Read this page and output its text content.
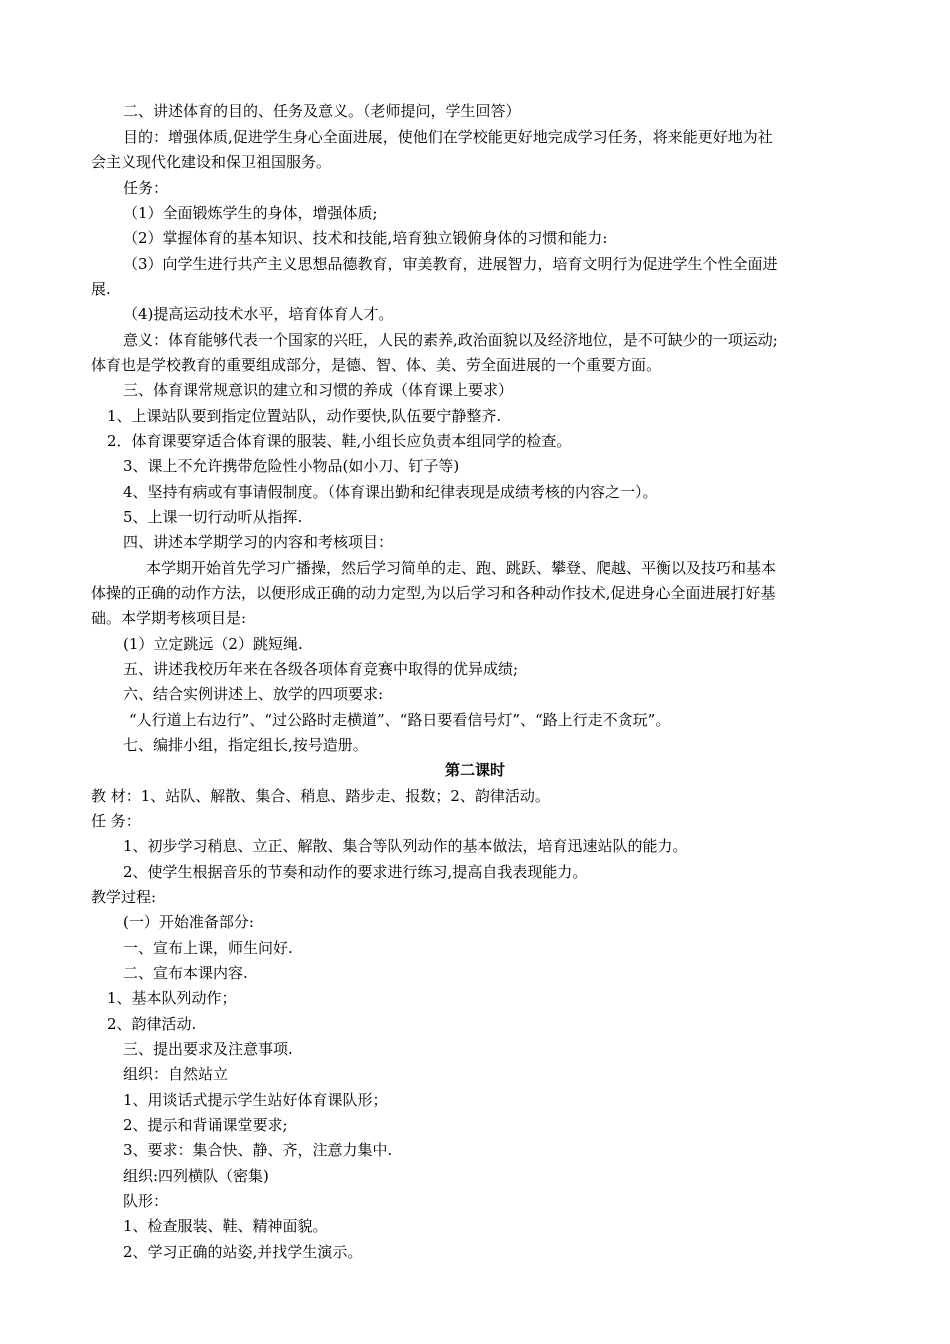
二、讲述体育的目的、任务及意义。（老师提问，学生回答）
目的：增强体质,促进学生身心全面进展，使他们在学校能更好地完成学习任务，将来能更好地为社
会主义现代化建设和保卫祖国服务。
任务：
（1）全面锻炼学生的身体，增强体质;
（2）掌握体育的基本知识、技术和技能,培育独立锻俯身体的习惯和能力:
（3）向学生进行共产主义思想品德教育，审美教育，进展智力，培育文明行为促进学生个性全面进
展.
（4)提高运动技术水平，培育体育人才。
意义：体育能够代表一个国家的兴旺，人民的素养,政治面貌以及经济地位，是不可缺少的一项运动;
体育也是学校教育的重要组成部分，是德、智、体、美、劳全面进展的一个重要方面。
三、体育课常规意识的建立和习惯的养成（体育课上要求）
1、上课站队要到指定位置站队，动作要快,队伍要宁静整齐.
2．体育课要穿适合体育课的服装、鞋,小组长应负责本组同学的检查。
3、课上不允许携带危险性小物品(如小刀、钉子等)
4、坚持有病或有事请假制度。（体育课出勤和纪律表现是成绩考核的内容之一）。
5、上课一切行动听从指挥.
四、讲述本学期学习的内容和考核项目：
本学期开始首先学习广播操，然后学习简单的走、跑、跳跃、攀登、爬越、平衡以及技巧和基本
体操的正确的动作方法，以便形成正确的动力定型,为以后学习和各种动作技术,促进身心全面进展打好基
础。本学期考核项目是:
(1）立定跳远（2）跳短绳.
五、讲述我校历年来在各级各项体育竞赛中取得的优异成绩;
六、结合实例讲述上、放学的四项要求:
“人行道上右边行”、“过公路时走横道”、“路日要看信号灯”、“路上行走不贪玩”。
七、编排小组，指定组长,按号造册。
第二课时
教 材：1、站队、解散、集合、稍息、踏步走、报数；2、韵律活动。
任 务：
1、初步学习稍息、立正、解散、集合等队列动作的基本做法，培育迅速站队的能力。
2、使学生根据音乐的节奏和动作的要求进行练习,提高自我表现能力。
教学过程:
(一）开始准备部分:
一、宣布上课，师生问好.
二、宣布本课内容.
1、基本队列动作；
2、韵律活动.
三、提出要求及注意事项.
组织：自然站立
1、用谈话式提示学生站好体育课队形；
2、提示和背诵课堂要求;
3、要求：集合快、静、齐，注意力集中.
组织:四列横队（密集)
队形：
1、检查服装、鞋、精神面貌。
2、学习正确的站姿,并找学生演示。
